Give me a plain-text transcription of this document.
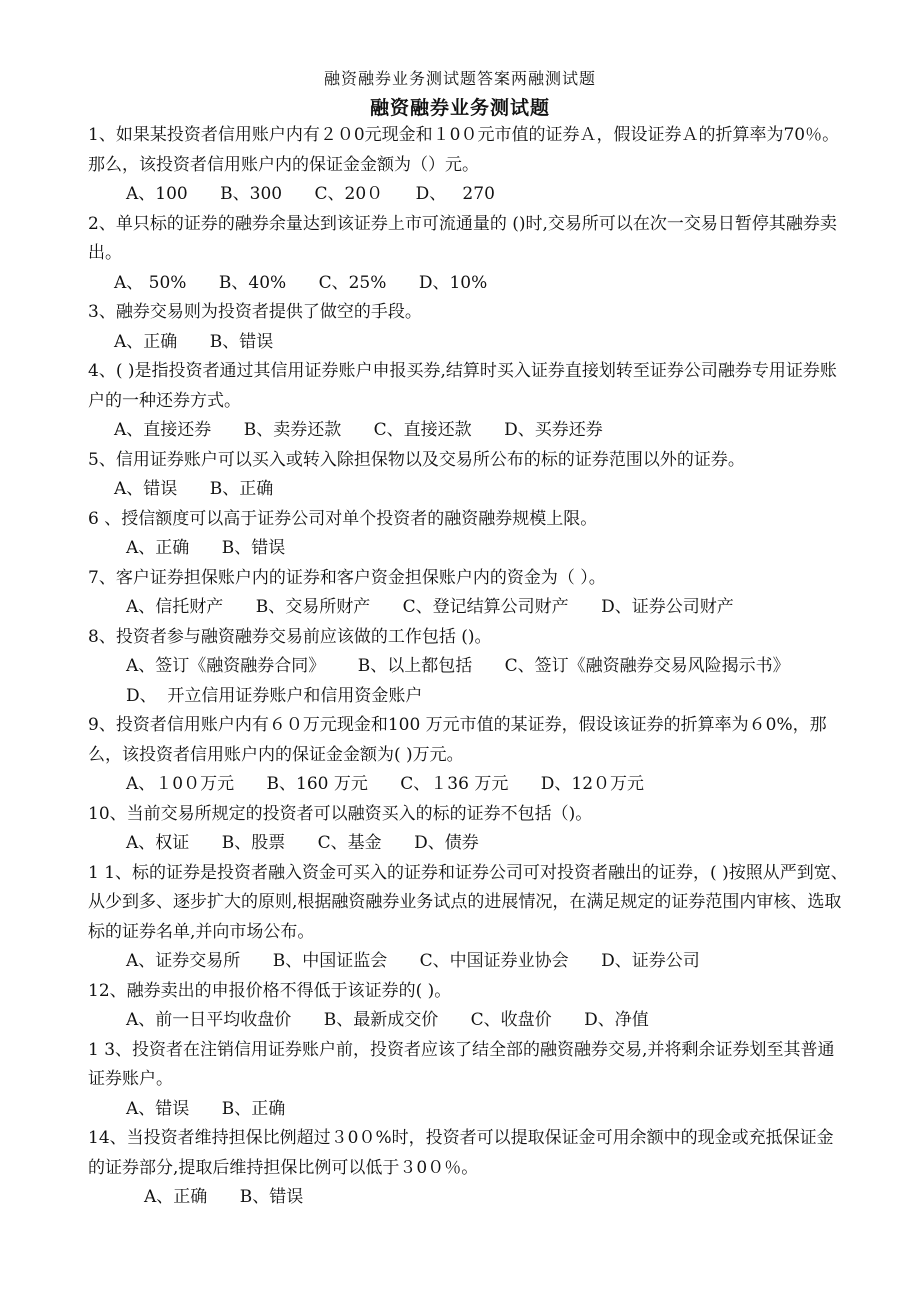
融资融券业务测试题答案两融测试题
融资融券业务测试题

1、如果某投资者信用账户内有２０0元现金和１0０元市值的证券Ａ，假设证券Ａ的折算率为70％。那么，该投资者信用账户内的保证金金额为（）元。

A、100      B、300      C、20０      D、   270

2、单只标的证券的融券余量达到该证券上市可流通量的 ()时,交易所可以在次一交易日暂停其融券卖出。

A、 50%      B、40%      C、25%      D、10%

3、融券交易则为投资者提供了做空的手段。

A、正确      B、错误

4、( )是指投资者通过其信用证券账户申报买券,结算时买入证券直接划转至证券公司融券专用证券账户的一种还券方式。

A、直接还券      B、卖券还款      C、直接还款      D、买券还券

5、信用证券账户可以买入或转入除担保物以及交易所公布的标的证券范围以外的证券。

A、错误      B、正确

6 、授信额度可以高于证券公司对单个投资者的融资融券规模上限。

A、正确      B、错误

7、客户证券担保账户内的证券和客户资金担保账户内的资金为（ ）。

A、信托财产      B、交易所财产      C、登记结算公司财产      D、证券公司财产

8、投资者参与融资融券交易前应该做的工作包括 ()。

A、签订《融资融券合同》      B、以上都包括      C、签订《融资融券交易风险揭示书》

D、  开立信用证券账户和信用资金账户

9、投资者信用账户内有６０万元现金和100 万元市值的某证券，假设该证券的折算率为６0%，那么，该投资者信用账户内的保证金金额为( )万元。

A、１0０万元      B、160 万元      C、１36 万元      D、12０万元

10、当前交易所规定的投资者可以融资买入的标的证券不包括（)。

A、权证      B、股票      C、基金      D、债券

1 1、标的证券是投资者融入资金可买入的证券和证券公司可对投资者融出的证券，( )按照从严到宽、从少到多、逐步扩大的原则,根据融资融券业务试点的进展情况，在满足规定的证券范围内审核、选取标的证券名单,并向市场公布。

A、证券交易所      B、中国证监会      C、中国证券业协会      D、证券公司

12、融券卖出的申报价格不得低于该证券的( )。

A、前一日平均收盘价      B、最新成交价      C、收盘价      D、净值

1 3、投资者在注销信用证券账户前，投资者应该了结全部的融资融券交易,并将剩余证券划至其普通证券账户。

A、错误      B、正确

14、当投资者维持担保比例超过３0０%时，投资者可以提取保证金可用余额中的现金或充抵保证金的证券部分,提取后维持担保比例可以低于３0０％。

A、正确      B、错误
